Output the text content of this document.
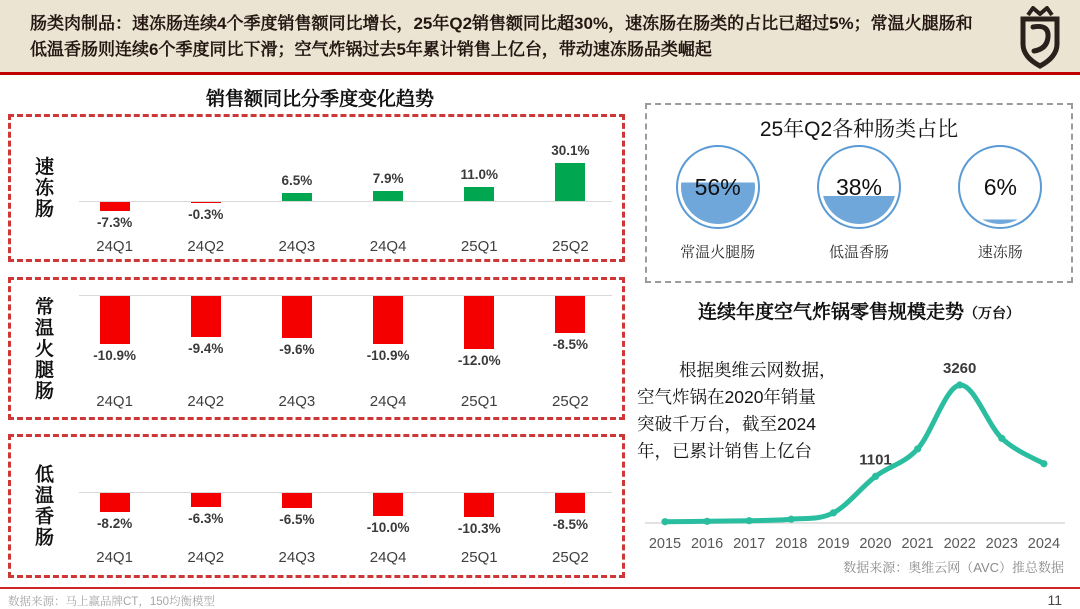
肠类肉制品：速冻肠连续4个季度销售额同比增长，25年Q2销售额同比超30%，速冻肠在肠类的占比已超过5%；常温火腿肠和低温香肠则连续6个季度同比下滑；空气炸锅过去5年累计销售上亿台，带动速冻肠品类崛起
销售额同比分季度变化趋势
速冻肠
-7.3%
24Q1
-0.3%
24Q2
6.5%
24Q3
7.9%
24Q4
11.0%
25Q1
30.1%
25Q2
常温火腿肠	-10.9%
24Q1
-9.4%
24Q2
-9.6%
24Q3
-10.9%
24Q4
-12.0%
25Q1
-8.5%
25Q2
低温香肠	-8.2%
24Q1
-6.3%
24Q2
-6.5%
24Q3
-10.0%
24Q4
-10.3%
25Q1
-8.5%
25Q2
25年Q2各种肠类占比
56%
常温火腿肠
38%
低温香肠
6%
速冻肠
连续年度空气炸锅零售规模走势（万台）
1101
3260
2015 2016 2017 2018 2019 2020 2021 2022 2023 2024
根据奥维云网数据，
空气炸锅在2020年销量
突破千万台，截至2024
年，已累计销售上亿台
数据来源：奥维云网（AVC）推总数据
数据来源：马上赢品牌CT，150均衡模型	11
